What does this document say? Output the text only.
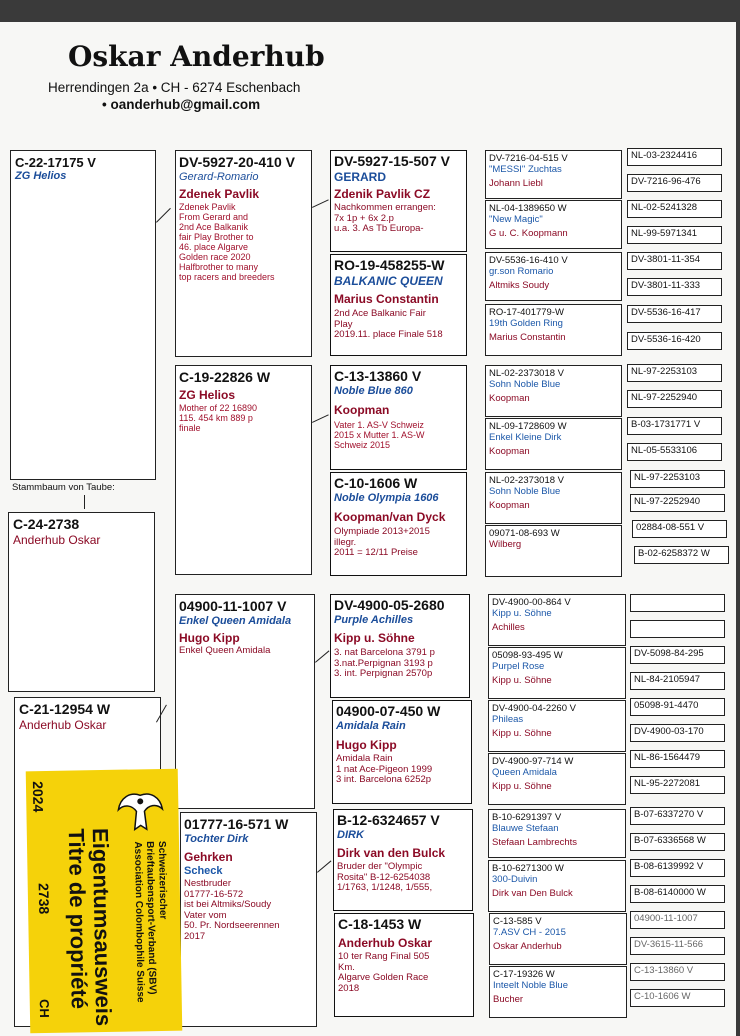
Oskar Anderhub
Herrendingen 2a • CH - 6274 Eschenbach
• oanderhub@gmail.com
C-22-17175 V
ZG Helios
Stammbaum von Taube:
C-24-2738
Anderhub Oskar
C-21-12954 W
Anderhub Oskar
DV-5927-20-410 V
Gerard-Romario
Zdenek Pavlik
Zdenek Pavlik
From Gerard and
2nd Ace Balkanik
fair Play Brother to
46. place Algarve
Golden race 2020
Halfbrother to many
top racers and breeders
C-19-22826 W
ZG Helios
Mother of 22 16890
115. 454 km 889 p
finale
04900-11-1007 V
Enkel Queen Amidala
Hugo Kipp
Enkel Queen Amidala
01777-16-571 W
Tochter Dirk
Gehrken
Scheck
Nestbruder
01777-16-572
ist bei Altmiks/Soudy
Vater vom
50. Pr. Nordseerennen
2017
DV-5927-15-507 V
GERARD
Zdenik Pavlik CZ
Nachkommen errangen:
7x 1p + 6x 2.p
u.a. 3. As Tb Europa-
RO-19-458255-W
BALKANIC QUEEN
Marius Constantin
2nd Ace Balkanic Fair
Play
2019.11. place Finale 518
C-13-13860 V
Noble Blue 860
Koopman
Vater 1. AS-V Schweiz
2015 x Mutter 1. AS-W
Schweiz 2015
C-10-1606 W
Noble Olympia 1606
Koopman/van Dyck
Olympiade 2013+2015
illegr.
2011 = 12/11 Preise
DV-4900-05-2680
Purple Achilles
Kipp u. Söhne
3. nat Barcelona 3791 p
3.nat.Perpignan 3193 p
3. int. Perpignan 2570p
04900-07-450 W
Amidala Rain
Hugo Kipp
Amidala Rain
1 nat Ace-Pigeon 1999
3 int. Barcelona 6252p
B-12-6324657 V
DIRK
Dirk van den Bulck
Bruder der "Olympic
Rosita" B-12-6254038
1/1763, 1/1248, 1/555,
C-18-1453 W
Anderhub Oskar
10 ter Rang Final 505
Km.
Algarve Golden Race
2018
DV-7216-04-515 V
"MESSI" Zuchtas
Johann Liebl
NL-04-1389650 W
"New Magic"
G u. C. Koopmann
DV-5536-16-410 V
gr.son Romario
Altmiks Soudy
RO-17-401779-W
19th Golden Ring
Marius Constantin
NL-02-2373018 V
Sohn Noble Blue
Koopman
NL-09-1728609 W
Enkel Kleine Dirk
Koopman
NL-02-2373018 V
Sohn Noble Blue
Koopman
09071-08-693 W
Wilberg
DV-4900-00-864 V
Kipp u. Söhne
Achilles
05098-93-495 W
Purpel Rose
Kipp u. Söhne
DV-4900-04-2260 V
Phileas
Kipp u. Söhne
DV-4900-97-714 W
Queen Amidala
Kipp u. Söhne
B-10-6291397 V
Blauwe Stefaan
Stefaan Lambrechts
B-10-6271300 W
300-Duivin
Dirk van Den Bulck
C-13-585 V
7.ASV CH - 2015
Oskar Anderhub
C-17-19326 W
Inteelt Noble Blue
Bucher
NL-03-2324416
DV-7216-96-476
NL-02-5241328
NL-99-5971341
DV-3801-11-354
DV-3801-11-333
DV-5536-16-417
DV-5536-16-420
NL-97-2253103
NL-97-2252940
B-03-1731771 V
NL-05-5533106
NL-97-2253103
NL-97-2252940
02884-08-551 V
B-02-6258372 W
DV-5098-84-295
NL-84-2105947
05098-91-4470
DV-4900-03-170
NL-86-1564479
NL-95-2272081
B-07-6337270 V
B-07-6336568 W
B-08-6139992 V
B-08-6140000 W
04900-11-1007
DV-3615-11-566
C-13-13860 V
C-10-1606 W
Schweizerischer
Brieftaubensport-Verband (SBV)
Association Colombophile Suisse
Eigentumsausweis
Titre de propriété
2024
2738
CH
